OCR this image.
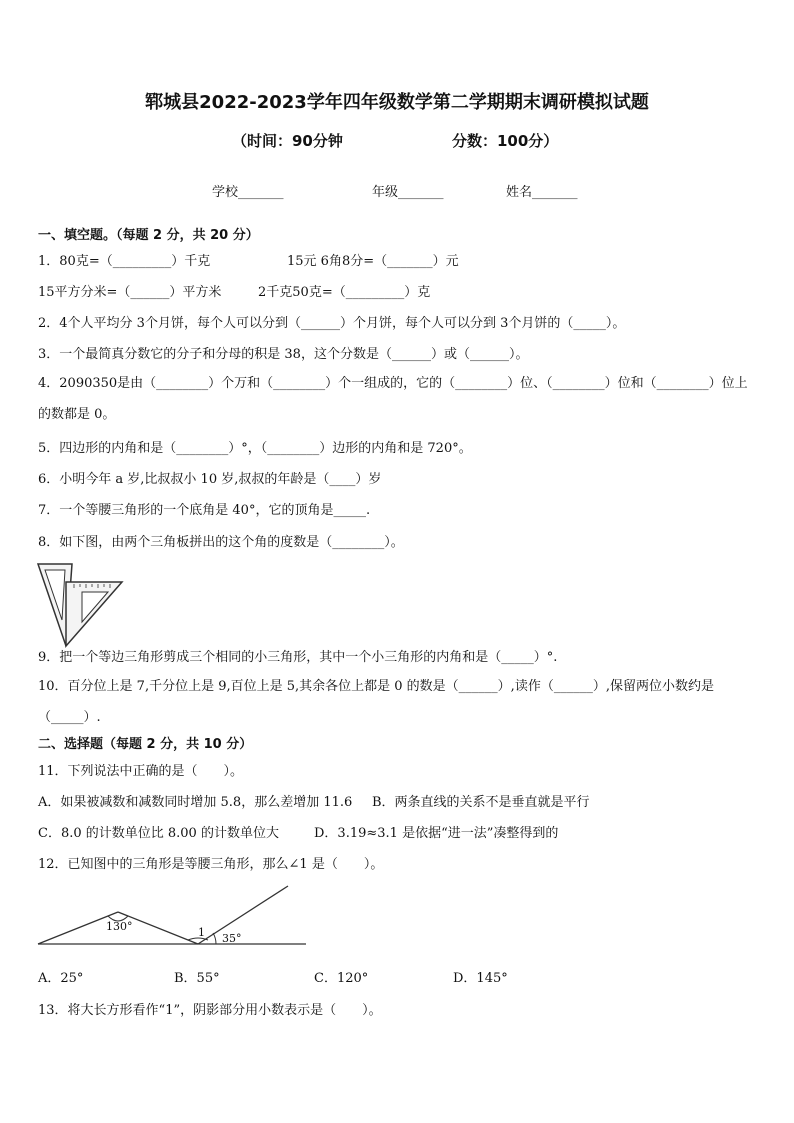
郓城县2022-2023学年四年级数学第二学期期末调研模拟试题
（时间：90分钟	分数：100分）
学校_______	年级_______	姓名_______
一、填空题。（每题 2 分，共 20 分）
1．80克=（_________）千克	15元 6角8分=（_______）元
15平方分米=（______）平方米	2千克50克=（_________）克
2．4个人平均分 3个月饼，每个人可以分到（______）个月饼，每个人可以分到 3个月饼的（_____）。
3．一个最简真分数它的分子和分母的积是 38，这个分数是（______）或（______）。
4．2090350是由（________）个万和（________）个一组成的，它的（________）位、（________）位和（________）位上的数都是 0。
5．四边形的内角和是（________）°，（________）边形的内角和是 720°。
6．小明今年 a 岁,比叔叔小 10 岁,叔叔的年龄是（____）岁
7．一个等腰三角形的一个底角是 40°，它的顶角是_____.
8．如下图，由两个三角板拼出的这个角的度数是（________）。
9．把一个等边三角形剪成三个相同的小三角形，其中一个小三角形的内角和是（_____）°.
10．百分位上是 7,千分位上是 9,百位上是 5,其余各位上都是 0 的数是（______）,读作（______）,保留两位小数约是（_____）.
二、选择题（每题 2 分，共 10 分）
11．下列说法中正确的是（　　）。
A．如果被减数和减数同时增加 5.8，那么差增加 11.6 B．两条直线的关系不是垂直就是平行
C．8.0 的计数单位比 8.00 的计数单位大	D．3.19≈3.1 是依据“进一法”凑整得到的
12．已知图中的三角形是等腰三角形，那么∠1 是（　　）。
130°	1 35°
A．25°	B．55°	C．120°	D．145°
13．将大长方形看作“1”，阴影部分用小数表示是（　　）。
